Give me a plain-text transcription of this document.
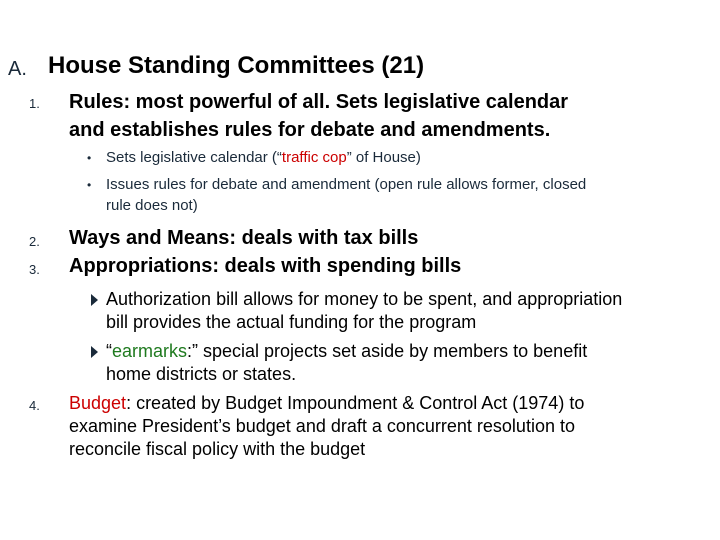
A. House Standing Committees (21)
1. Rules: most powerful of all. Sets legislative calendar
and establishes rules for debate and amendments.
• Sets legislative calendar (“traffic cop” of House)
• Issues rules for debate and amendment (open rule allows former, closed
rule does not)
2. Ways and Means: deals with tax bills
3. Appropriations: deals with spending bills
Authorization bill allows for money to be spent, and appropriation
bill provides the actual funding for the program
“earmarks:” special projects set aside by members to benefit
home districts or states.
4. Budget: created by Budget Impoundment & Control Act (1974) to
examine President’s budget and draft a concurrent resolution to
reconcile fiscal policy with the budget
